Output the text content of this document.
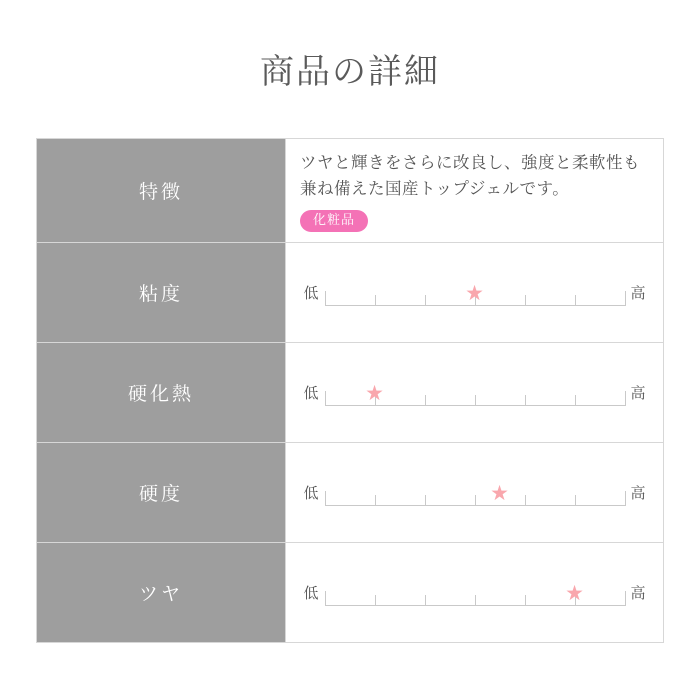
商品の詳細
特徴	ツヤと輝きをさらに改良し、強度と柔軟性も兼ね備えた国産トップジェルです。
化粧品
粘度	低 ★ 高

硬化熱	低 ★ 高

硬度	低 ★ 高

ツヤ	低 ★ 高
